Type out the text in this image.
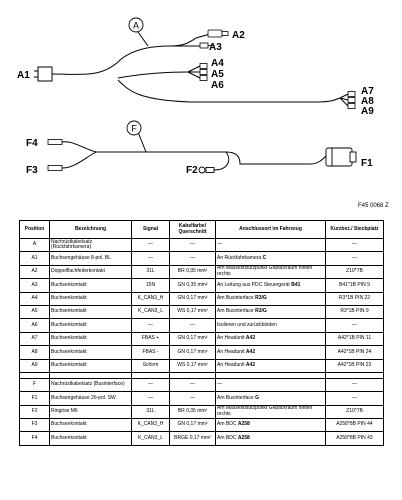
A
F
A1
A2
A3
A4
A5
A6
A7
A8
A9
F1
F2
F3
F4
F45 0068 Z
Position	Bezeichnung	Signal	Kabelfarbe/ Querschnitt	Anschlussort im Fahrzeug	Kurzbez./ Steckplatz
A	Nachrüstkabelsatz (Rückfahrkamera)	—	—	—	—
A1	Buchsengehäuse 8-pol. BL	—	—	An Rückfahrkamera C	—
A2	Doppelflachfederkontakt	31L	BR 0,35 mm²	Am Masseststützpunkt Gepäckraum hinten rechts	Z10*7B
A3	Buchsenkontakt	15N	GN 0,35 mm²	An Leitung aus PDC Steuergerät B41	B41*1B PIN 9
A4	Buchsenkontakt	K_CAN3_H	GN 0,17 mm²	Am Businterface R3/G	R3*1B PIN 22
A5	Buchsenkontakt	K_CAN3_L	WS 0,17 mm²	Am Businterface R3/G	R3*1B PIN 9
A6	Buchsenkontakt	—	—	Isolieren und zurückbinden	—
A7	Buchsenkontakt	FBAS +	GN 0,17 mm²	An Headunit A42	A42*1B PIN 11
A8	Buchsenkontakt	FBAS -	GN 0,17 mm²	An Headunit A42	A42*1B PIN 24
A9	Buchsenkontakt	Schirm	WS 0,17 mm²	An Headunit A42	A42*1B PIN 23

F	Nachrüstkabelsatz (Businterface)	—	—	—	—
F1	Buchsengehäuse 26-pol. SW	—	—	Am Businterface G	—
F2	Ringöse M6	31L	BR 0,35 mm²	Am Masseststützpunkt Gepäckraum hinten rechts	Z10*7B
F3	Buchsenkontakt	K_CAN3_H	GN 0,17 mm²	Am BDC A258	A258*8B PIN 44
F4	Buchsenkontakt	K_CAN3_L	BRGE 0,17 mm²	Am BDC A258	A258*8B PIN 43
